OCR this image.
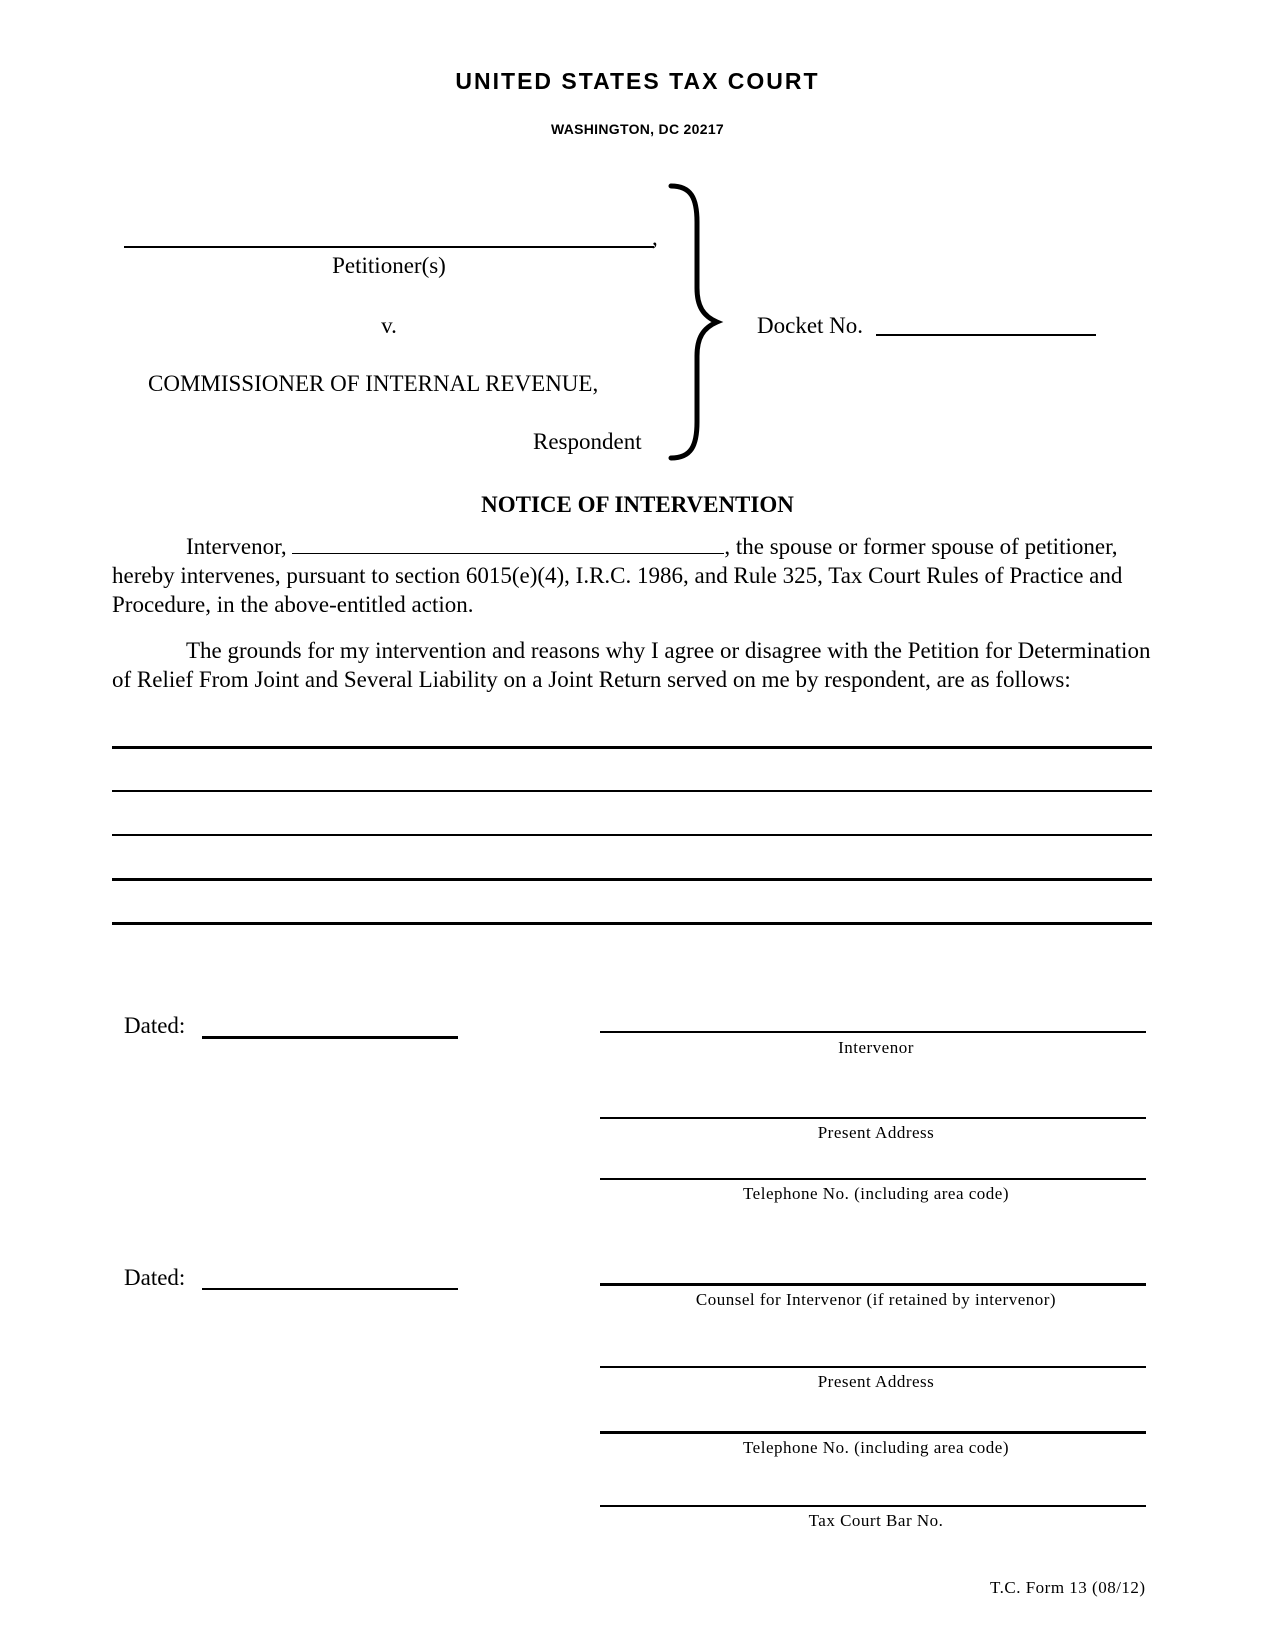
UNITED STATES TAX COURT
WASHINGTON, DC 20217
,
Petitioner(s)
v.
COMMISSIONER OF INTERNAL REVENUE,
Respondent
Docket No.
NOTICE OF INTERVENTION
Intervenor,	, the spouse or former spouse of petitioner, hereby intervenes, pursuant to section 6015(e)(4), I.R.C. 1986, and Rule 325, Tax Court Rules of Practice and Procedure, in the above-entitled action.
The grounds for my intervention and reasons why I agree or disagree with the Petition for Determination of Relief From Joint and Several Liability on a Joint Return served on me by respondent, are as follows:
Dated:
Intervenor
Present Address
Telephone No. (including area code)
Dated:
Counsel for Intervenor (if retained by intervenor)
Present Address
Telephone No. (including area code)
Tax Court Bar No.
T.C. Form 13 (08/12)
